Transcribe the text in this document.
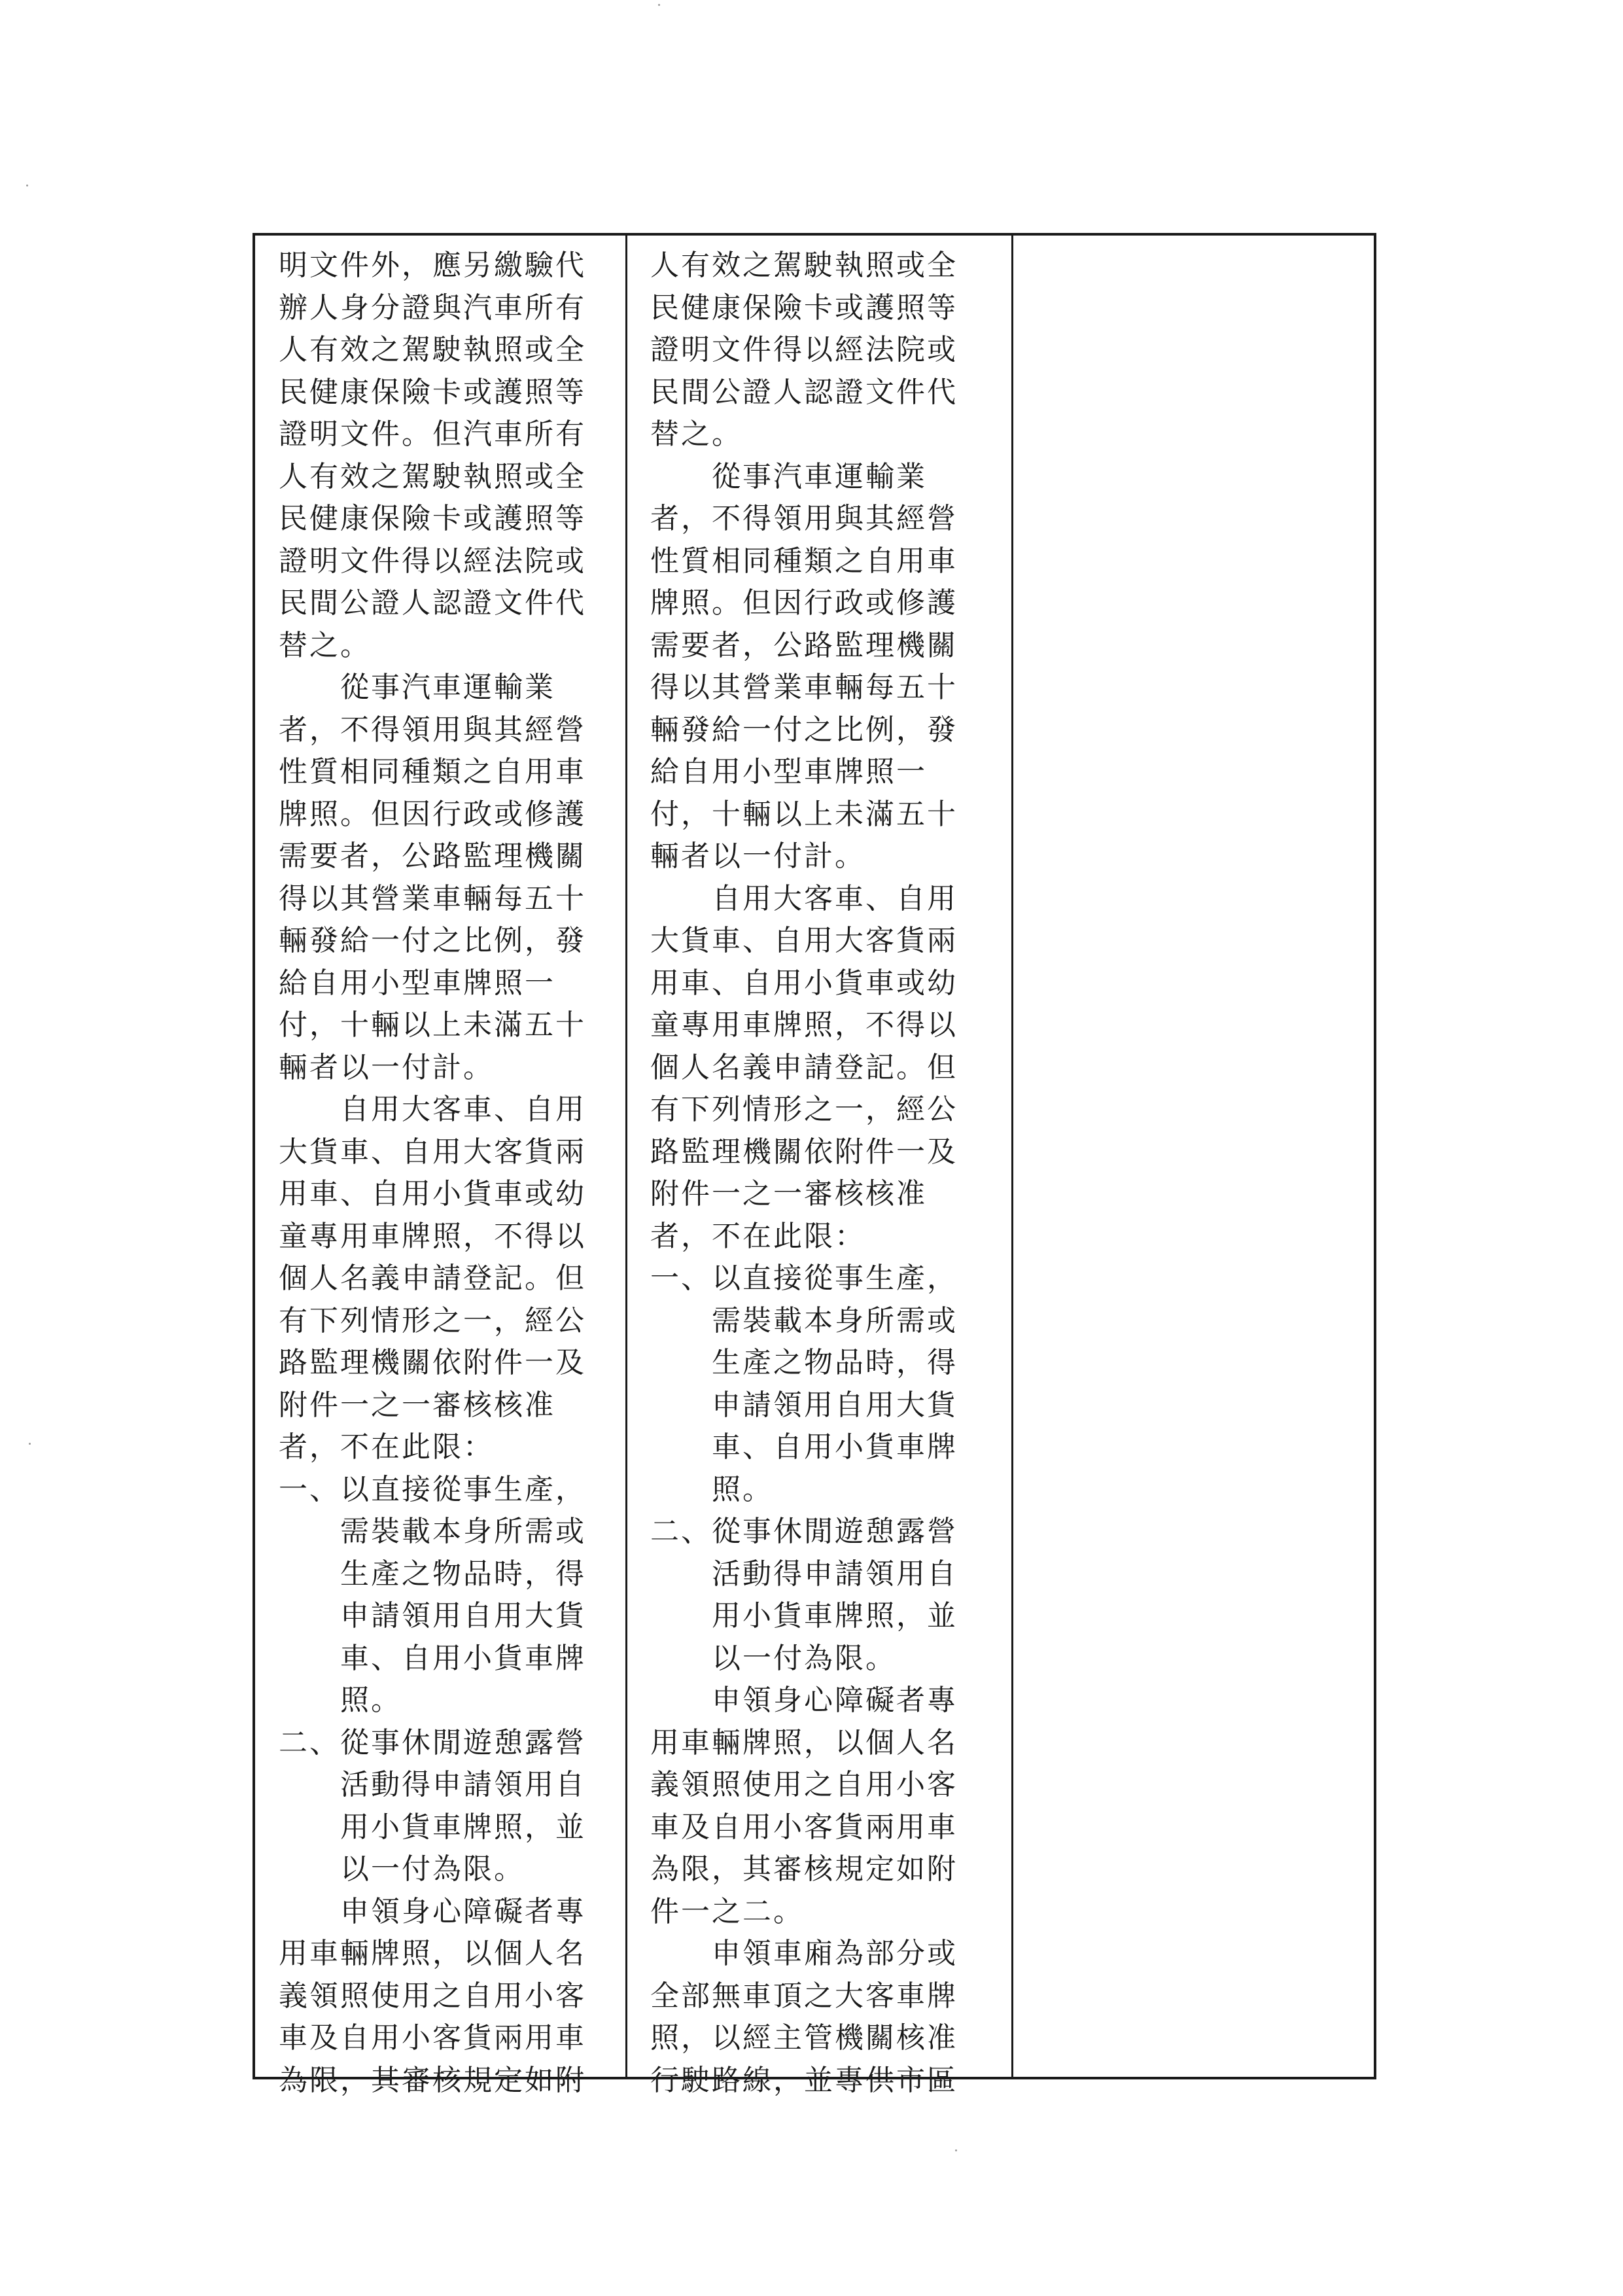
明文件外，應另繳驗代
辦人身分證與汽車所有
人有效之駕駛執照或全
民健康保險卡或護照等
證明文件。但汽車所有
人有效之駕駛執照或全
民健康保險卡或護照等
證明文件得以經法院或
民間公證人認證文件代
替之。
　　從事汽車運輸業
者，不得領用與其經營
性質相同種類之自用車
牌照。但因行政或修護
需要者，公路監理機關
得以其營業車輛每五十
輛發給一付之比例，發
給自用小型車牌照一
付，十輛以上未滿五十
輛者以一付計。
　　自用大客車、自用
大貨車、自用大客貨兩
用車、自用小貨車或幼
童專用車牌照，不得以
個人名義申請登記。但
有下列情形之一，經公
路監理機關依附件一及
附件一之一審核核准
者，不在此限：
一、以直接從事生產，
　　需裝載本身所需或
　　生產之物品時，得
　　申請領用自用大貨
　　車、自用小貨車牌
　　照。
二、從事休閒遊憩露營
　　活動得申請領用自
　　用小貨車牌照，並
　　以一付為限。
　　申領身心障礙者專
用車輛牌照，以個人名
義領照使用之自用小客
車及自用小客貨兩用車
為限，其審核規定如附
人有效之駕駛執照或全
民健康保險卡或護照等
證明文件得以經法院或
民間公證人認證文件代
替之。
　　從事汽車運輸業
者，不得領用與其經營
性質相同種類之自用車
牌照。但因行政或修護
需要者，公路監理機關
得以其營業車輛每五十
輛發給一付之比例，發
給自用小型車牌照一
付，十輛以上未滿五十
輛者以一付計。
　　自用大客車、自用
大貨車、自用大客貨兩
用車、自用小貨車或幼
童專用車牌照，不得以
個人名義申請登記。但
有下列情形之一，經公
路監理機關依附件一及
附件一之一審核核准
者，不在此限：
一、以直接從事生產，
　　需裝載本身所需或
　　生產之物品時，得
　　申請領用自用大貨
　　車、自用小貨車牌
　　照。
二、從事休閒遊憩露營
　　活動得申請領用自
　　用小貨車牌照，並
　　以一付為限。
　　申領身心障礙者專
用車輛牌照，以個人名
義領照使用之自用小客
車及自用小客貨兩用車
為限，其審核規定如附
件一之二。
　　申領車廂為部分或
全部無車頂之大客車牌
照，以經主管機關核准
行駛路線，並專供市區
